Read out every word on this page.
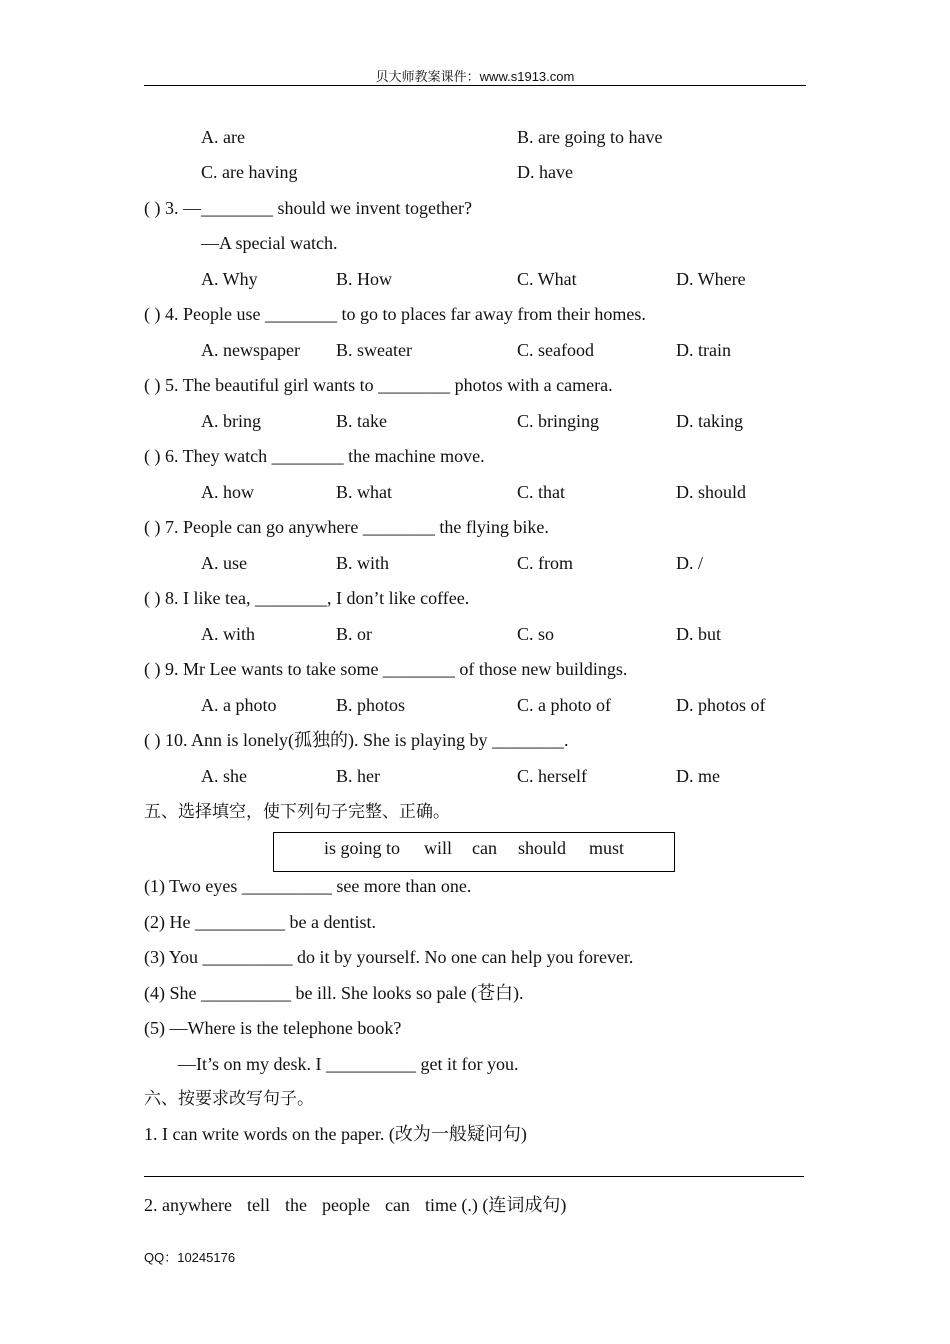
贝大师教案课件：www.s1913.com
A. are	B. are going to have
C. are having	D. have
( ) 3. —________ should we invent together?
—A special watch.
A. Why	B. How	C. What	D. Where
( ) 4. People use ________ to go to places far away from their homes.
A. newspaper B. sweater	C. seafood	D. train
( ) 5. The beautiful girl wants to ________ photos with a camera.
A. bring	B. take	C. bringing	D. taking
( ) 6. They watch ________ the machine move.
A. how	B. what	C. that	D. should
( ) 7. People can go anywhere ________ the flying bike.
A. use	B. with	C. from	D. /
( ) 8. I like tea, ________, I don’t like coffee.
A. with	B. or	C. so	D. but
( ) 9. Mr Lee wants to take some ________ of those new buildings.
A. a photo	B. photos	C. a photo of	D. photos of
( ) 10. Ann is lonely(孤独的). She is playing by ________.
A. she	B. her	C. herself	D. me
五、选择填空，使下列句子完整、正确。
is going to will can should must
(1) Two eyes __________ see more than one.
(2) He __________ be a dentist.
(3) You __________ do it by yourself. No one can help you forever.
(4) She __________ be ill. She looks so pale (苍白).
(5) —Where is the telephone book?
—It’s on my desk. I __________ get it for you.
六、按要求改写句子。
1. I can write words on the paper. (改为一般疑问句)
2. anywhere tell the people can time (.) (连词成句)
QQ：10245176
